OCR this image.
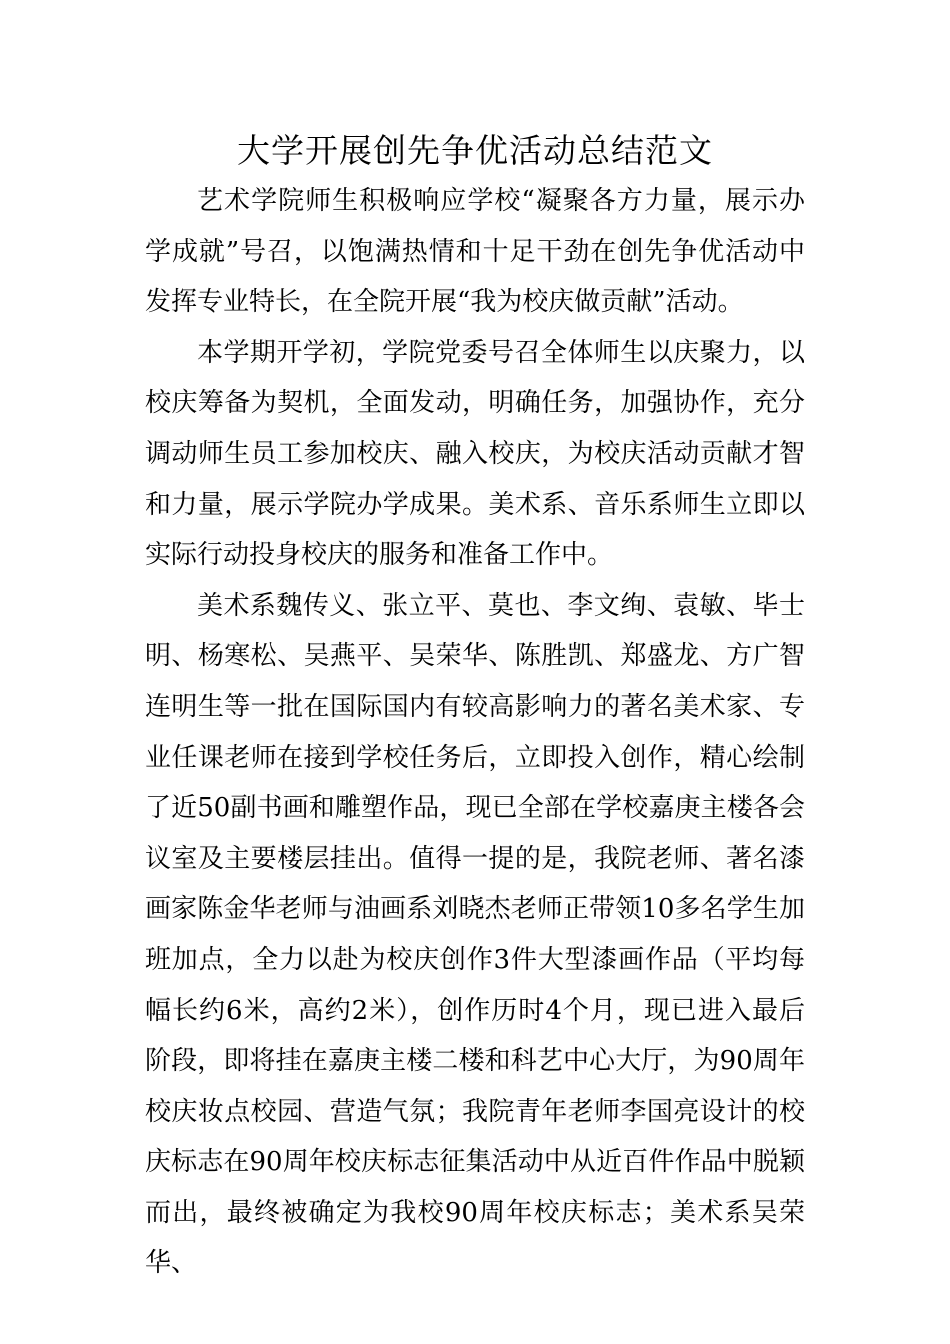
大学开展创先争优活动总结范文

艺术学院师生积极响应学校“凝聚各方力量，展示办学成就”号召，以饱满热情和十足干劲在创先争优活动中发挥专业特长，在全院开展“我为校庆做贡献”活动。

本学期开学初，学院党委号召全体师生以庆聚力，以校庆筹备为契机，全面发动，明确任务，加强协作，充分调动师生员工参加校庆、融入校庆，为校庆活动贡献才智和力量，展示学院办学成果。美术系、音乐系师生立即以实际行动投身校庆的服务和准备工作中。

美术系魏传义、张立平、莫也、李文绚、袁敏、毕士明、杨寒松、吴燕平、吴荣华、陈胜凯、郑盛龙、方广智连明生等一批在国际国内有较高影响力的著名美术家、专业任课老师在接到学校任务后，立即投入创作，精心绘制了近50副书画和雕塑作品，现已全部在学校嘉庚主楼各会议室及主要楼层挂出。值得一提的是，我院老师、著名漆画家陈金华老师与油画系刘晓杰老师正带领10多名学生加班加点，全力以赴为校庆创作3件大型漆画作品（平均每幅长约6米，高约2米），创作历时4个月，现已进入最后阶段，即将挂在嘉庚主楼二楼和科艺中心大厅，为90周年校庆妆点校园、营造气氛；我院青年老师李国亮设计的校庆标志在90周年校庆标志征集活动中从近百件作品中脱颖而出，最终被确定为我校90周年校庆标志；美术系吴荣华、
